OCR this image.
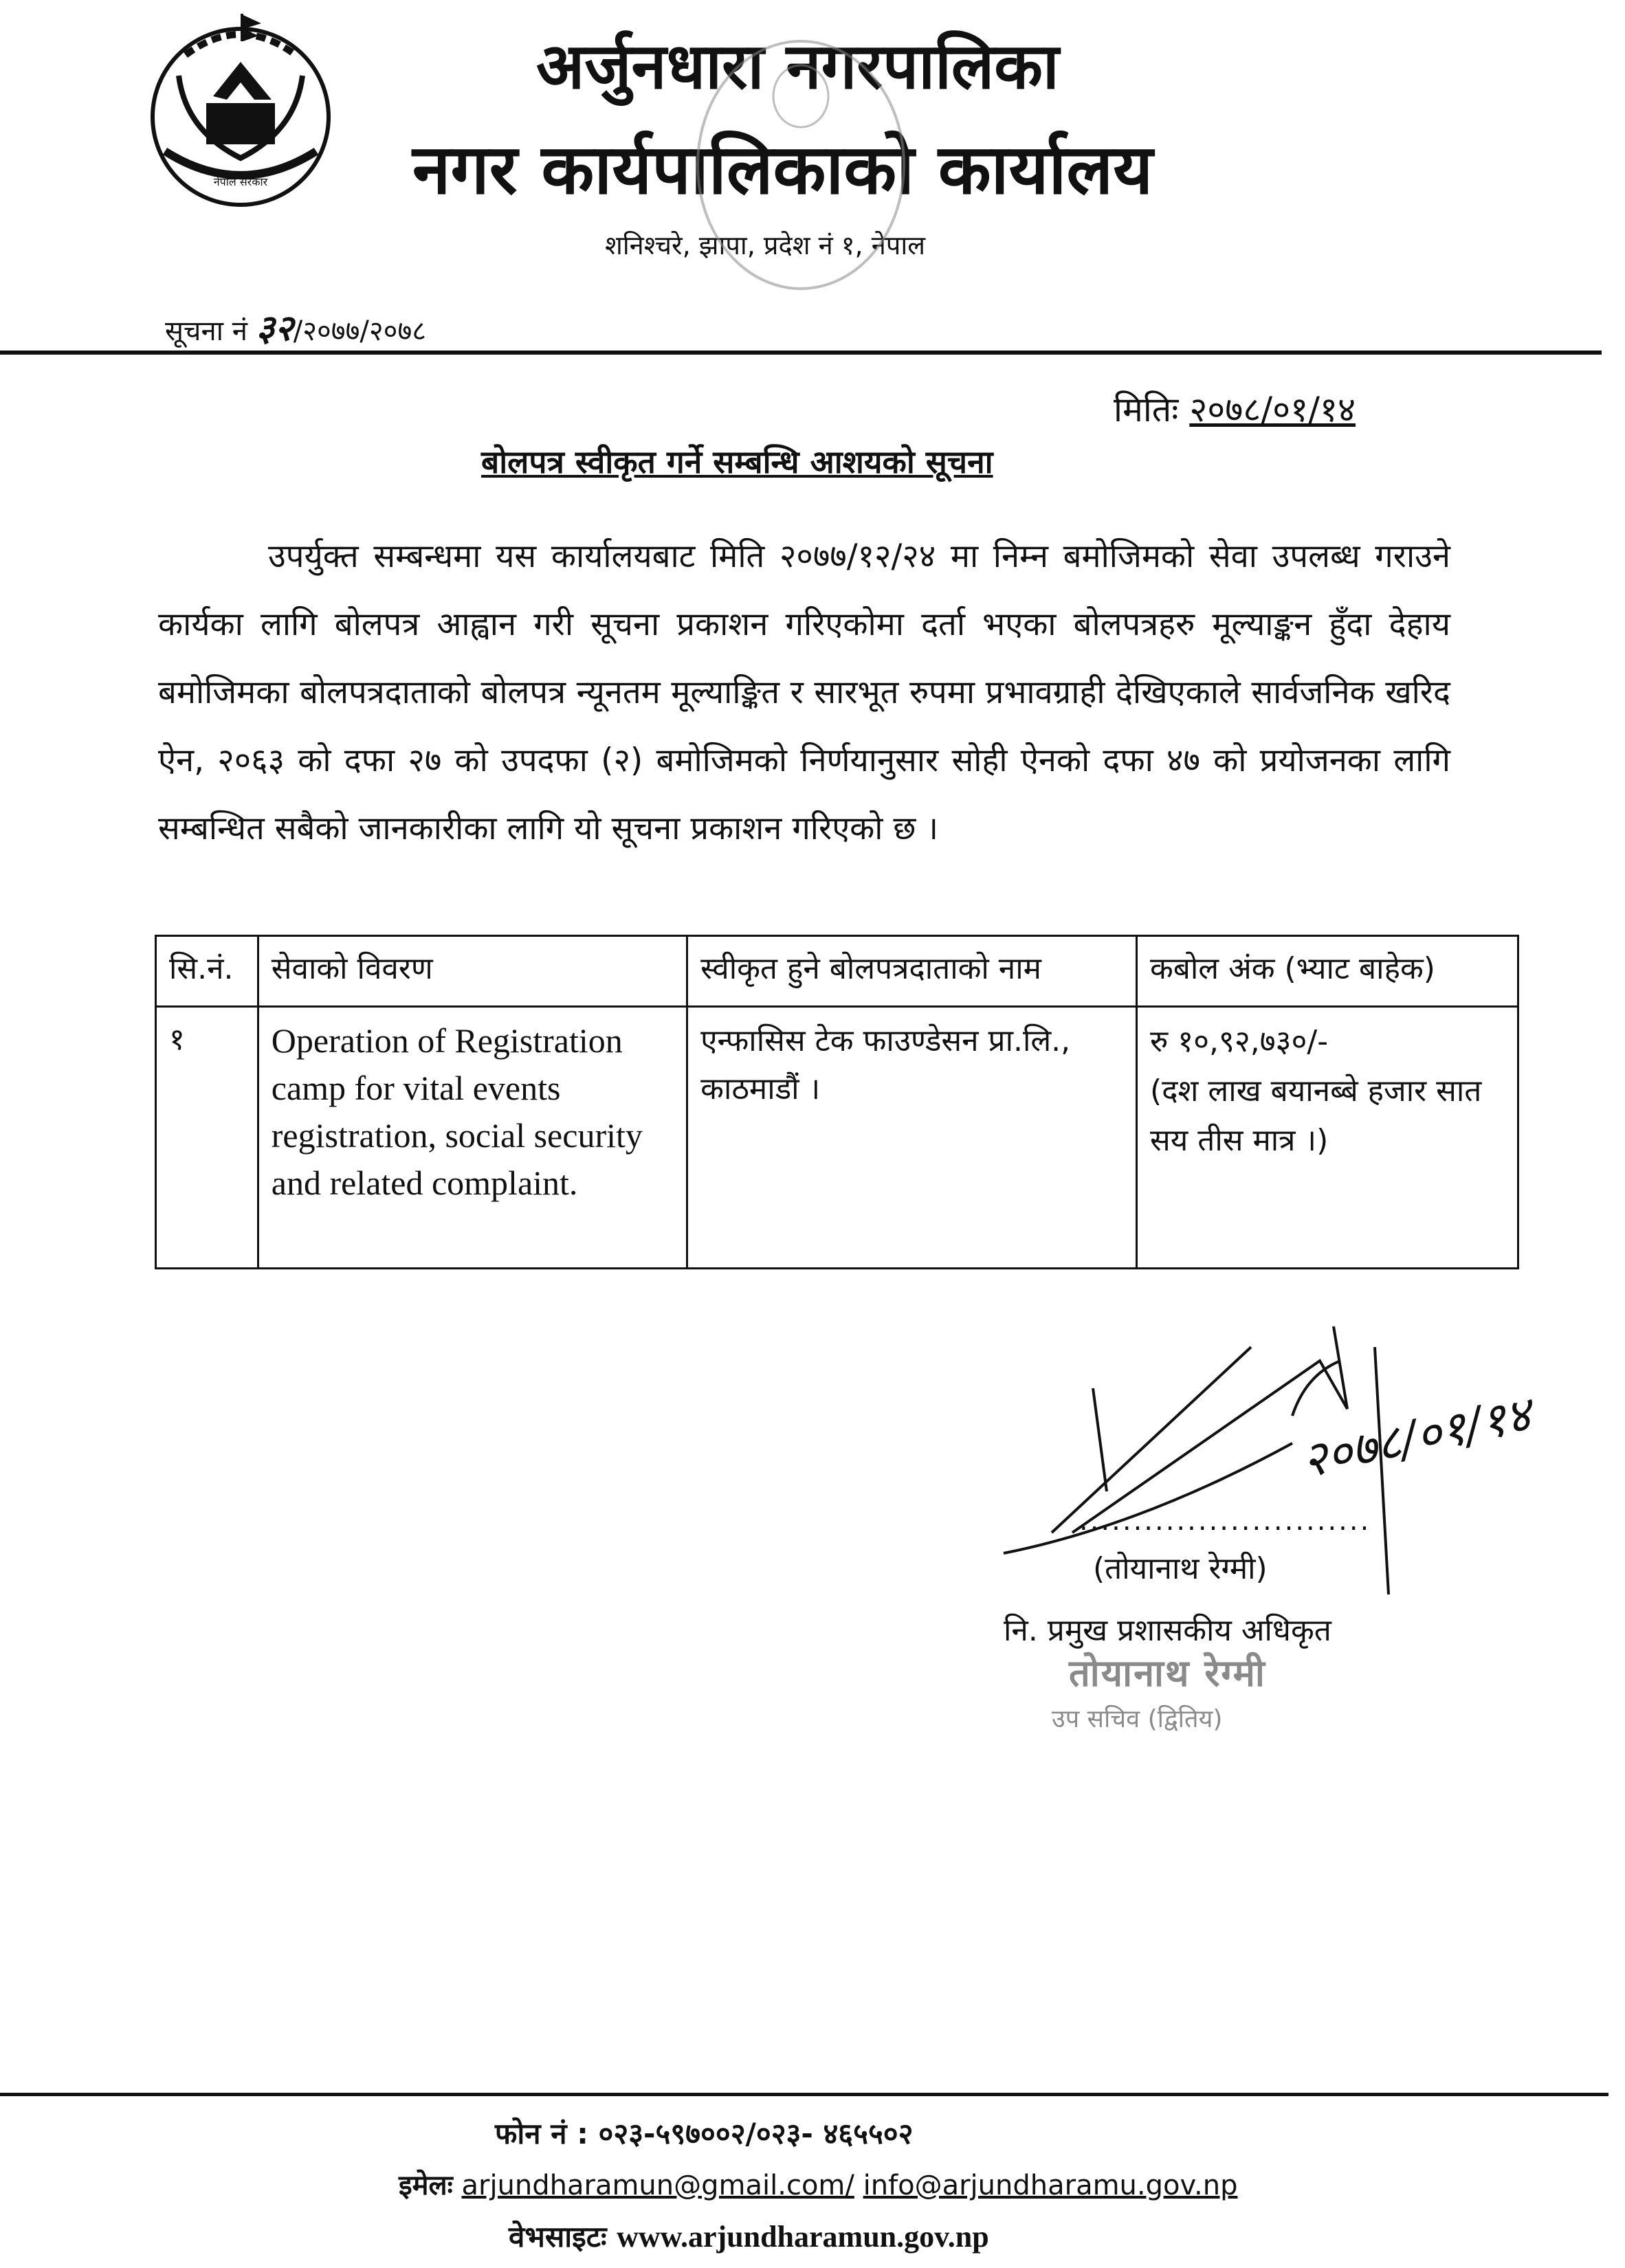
नेपाल सरकार
अर्जुनधारा नगरपालिका
नगर कार्यपालिकाको कार्यालय
शनिश्चरे, झापा, प्रदेश नं १, नेपाल
सूचना नं ३२/२०७७/२०७८
मितिः २०७८/०१/१४
बोलपत्र स्वीकृत गर्ने सम्बन्धि आशयको सूचना
उपर्युक्त सम्बन्धमा यस कार्यालयबाट मिति २०७७/१२/२४ मा निम्न बमोजिमको सेवा उपलब्ध गराउने कार्यका लागि बोलपत्र आह्वान गरी सूचना प्रकाशन गरिएकोमा दर्ता भएका बोलपत्रहरु मूल्याङ्कन हुँदा देहाय बमोजिमका बोलपत्रदाताको बोलपत्र न्यूनतम मूल्याङ्कित र सारभूत रुपमा प्रभावग्राही देखिएकाले सार्वजनिक खरिद ऐन, २०६३ को दफा २७ को उपदफा (२) बमोजिमको निर्णयानुसार सोही ऐनको दफा ४७ को प्रयोजनका लागि सम्बन्धित सबैको जानकारीका लागि यो सूचना प्रकाशन गरिएको छ ।
सि.नं.	सेवाको विवरण	स्वीकृत हुने बोलपत्रदाताको नाम	कबोल अंक (भ्याट बाहेक)
१	Operation of Registration camp for vital events registration, social security and related complaint.	एन्फासिस टेक फाउण्डेसन प्रा.लि., काठमाडौं ।	रु १०,९२,७३०/-
(दश लाख बयानब्बे हजार सात सय तीस मात्र ।)
२०७८/०१/१४
...........................
(तोयानाथ रेग्मी)
नि. प्रमुख प्रशासकीय अधिकृत
तोयानाथ रेग्मी
उप सचिव (द्वितिय)
फोन नं : ०२३-५९७००२/०२३- ४६५५०२
इमेलः arjundharamun@gmail.com/ info@arjundharamu.gov.np
वेभसाइटः www.arjundharamun.gov.np
